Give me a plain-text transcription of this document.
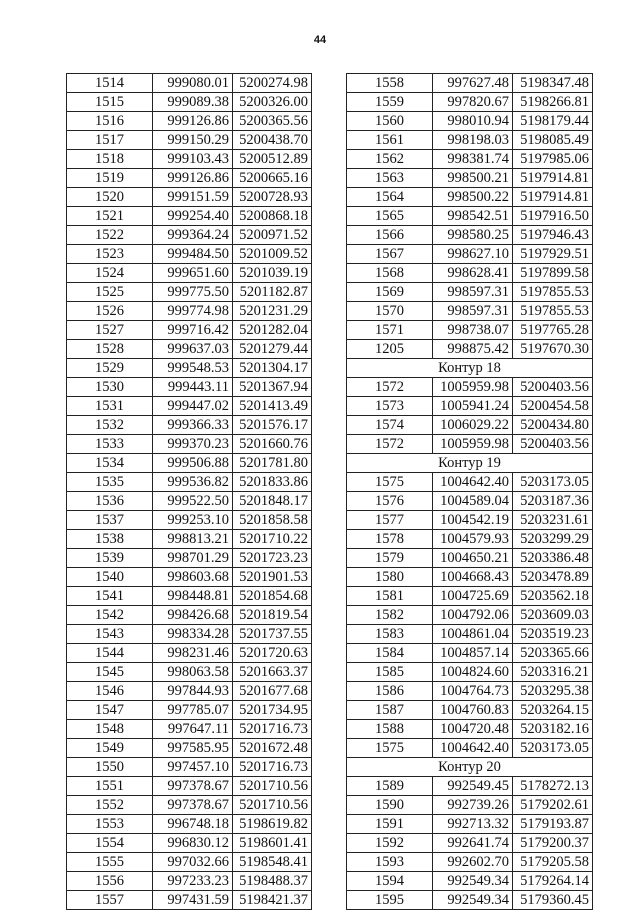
44
1514	999080.01	5200274.98
1515	999089.38	5200326.00
1516	999126.86	5200365.56
1517	999150.29	5200438.70
1518	999103.43	5200512.89
1519	999126.86	5200665.16
1520	999151.59	5200728.93
1521	999254.40	5200868.18
1522	999364.24	5200971.52
1523	999484.50	5201009.52
1524	999651.60	5201039.19
1525	999775.50	5201182.87
1526	999774.98	5201231.29
1527	999716.42	5201282.04
1528	999637.03	5201279.44
1529	999548.53	5201304.17
1530	999443.11	5201367.94
1531	999447.02	5201413.49
1532	999366.33	5201576.17
1533	999370.23	5201660.76
1534	999506.88	5201781.80
1535	999536.82	5201833.86
1536	999522.50	5201848.17
1537	999253.10	5201858.58
1538	998813.21	5201710.22
1539	998701.29	5201723.23
1540	998603.68	5201901.53
1541	998448.81	5201854.68
1542	998426.68	5201819.54
1543	998334.28	5201737.55
1544	998231.46	5201720.63
1545	998063.58	5201663.37
1546	997844.93	5201677.68
1547	997785.07	5201734.95
1548	997647.11	5201716.73
1549	997585.95	5201672.48
1550	997457.10	5201716.73
1551	997378.67	5201710.56
1552	997378.67	5201710.56
1553	996748.18	5198619.82
1554	996830.12	5198601.41
1555	997032.66	5198548.41
1556	997233.23	5198488.37
1557	997431.59	5198421.37
1558	997627.48	5198347.48
1559	997820.67	5198266.81
1560	998010.94	5198179.44
1561	998198.03	5198085.49
1562	998381.74	5197985.06
1563	998500.21	5197914.81
1564	998500.22	5197914.81
1565	998542.51	5197916.50
1566	998580.25	5197946.43
1567	998627.10	5197929.51
1568	998628.41	5197899.58
1569	998597.31	5197855.53
1570	998597.31	5197855.53
1571	998738.07	5197765.28
1205	998875.42	5197670.30
Контур 18		
1572	1005959.98	5200403.56
1573	1005941.24	5200454.58
1574	1006029.22	5200434.80
1572	1005959.98	5200403.56
Контур 19		
1575	1004642.40	5203173.05
1576	1004589.04	5203187.36
1577	1004542.19	5203231.61
1578	1004579.93	5203299.29
1579	1004650.21	5203386.48
1580	1004668.43	5203478.89
1581	1004725.69	5203562.18
1582	1004792.06	5203609.03
1583	1004861.04	5203519.23
1584	1004857.14	5203365.66
1585	1004824.60	5203316.21
1586	1004764.73	5203295.38
1587	1004760.83	5203264.15
1588	1004720.48	5203182.16
1575	1004642.40	5203173.05
Контур 20		
1589	992549.45	5178272.13
1590	992739.26	5179202.61
1591	992713.32	5179193.87
1592	992641.74	5179200.37
1593	992602.70	5179205.58
1594	992549.34	5179264.14
1595	992549.34	5179360.45
